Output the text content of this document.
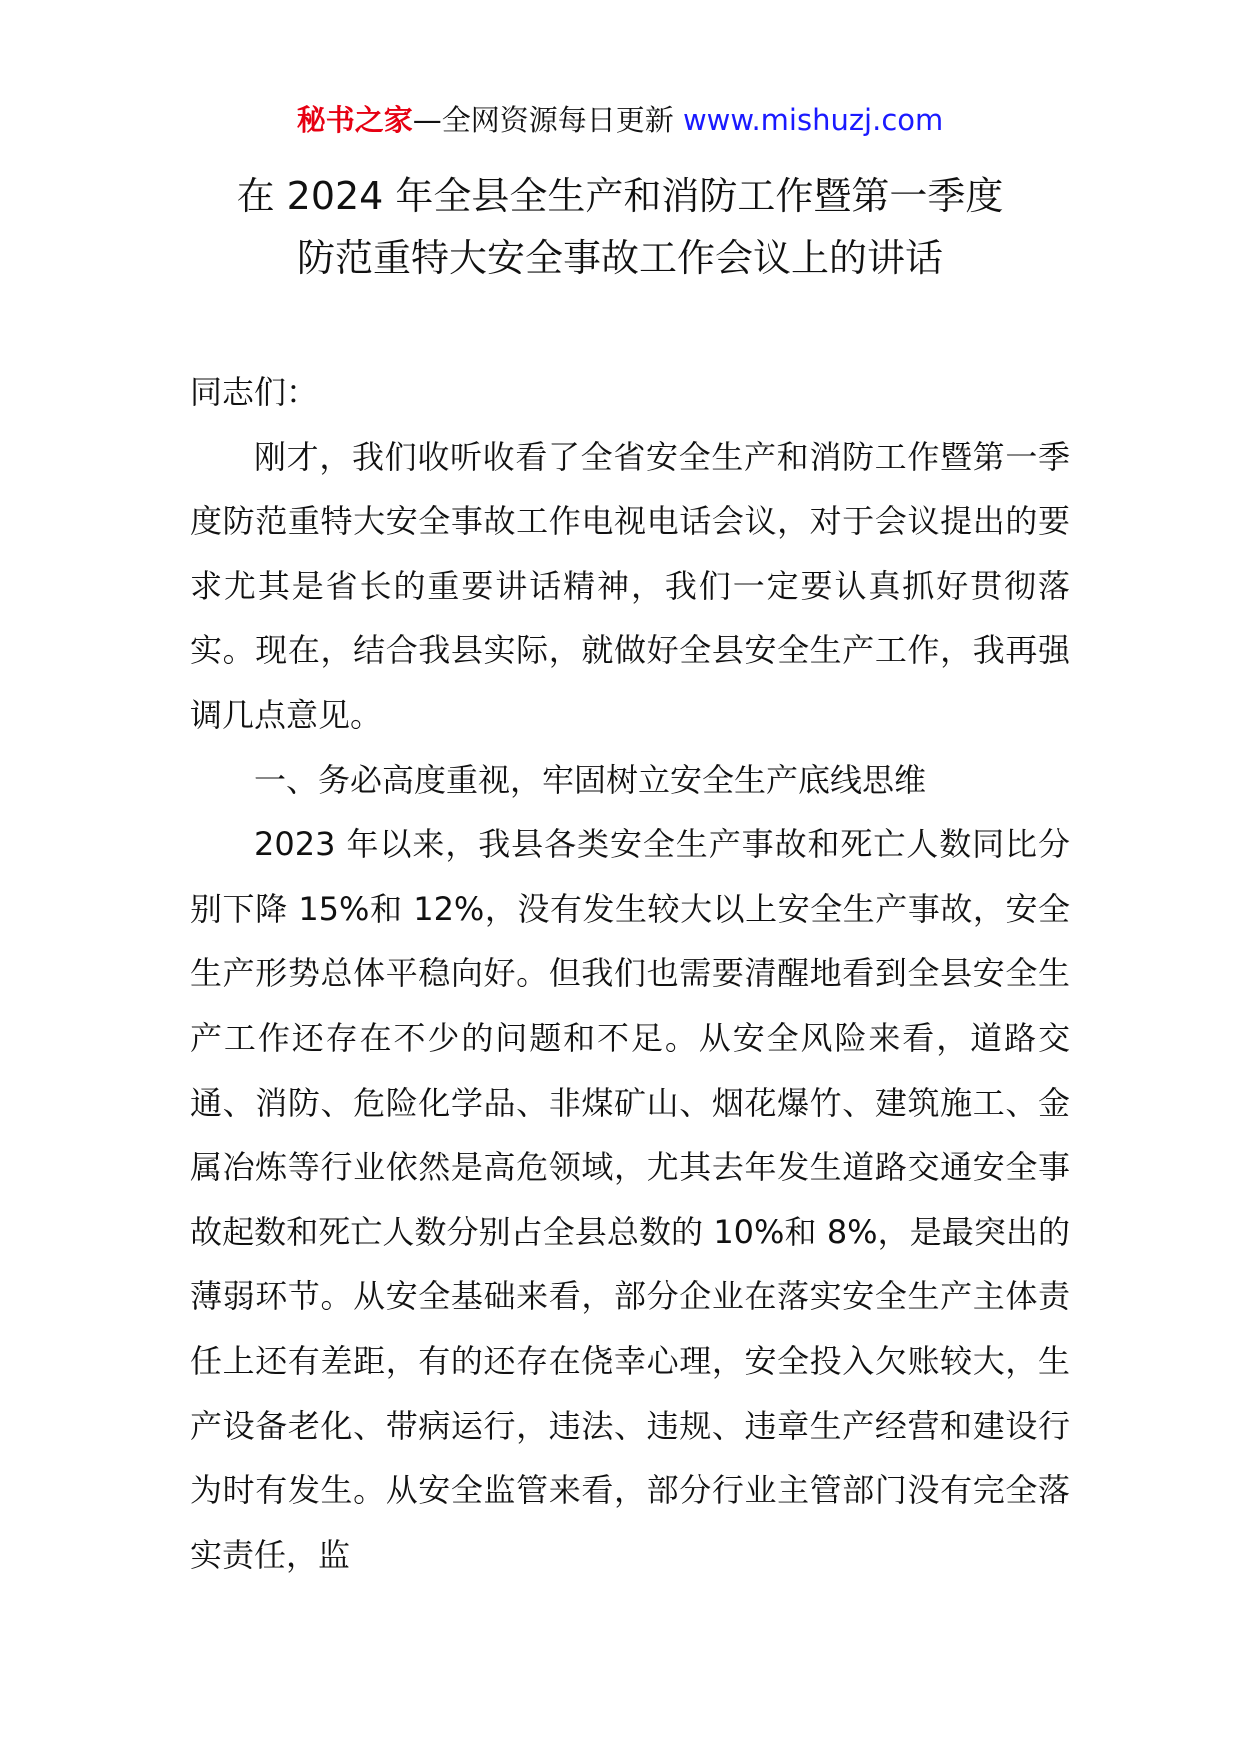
秘书之家—全网资源每日更新 www.mishuzj.com
在 2024 年全县全生产和消防工作暨第一季度
防范重特大安全事故工作会议上的讲话

同志们：

刚才，我们收听收看了全省安全生产和消防工作暨第一季度防范重特大安全事故工作电视电话会议，对于会议提出的要求尤其是省长的重要讲话精神，我们一定要认真抓好贯彻落实。现在，结合我县实际，就做好全县安全生产工作，我再强调几点意见。

一、务必高度重视，牢固树立安全生产底线思维

2023 年以来，我县各类安全生产事故和死亡人数同比分别下降 15%和 12%，没有发生较大以上安全生产事故，安全生产形势总体平稳向好。但我们也需要清醒地看到全县安全生产工作还存在不少的问题和不足。从安全风险来看，道路交通、消防、危险化学品、非煤矿山、烟花爆竹、建筑施工、金属冶炼等行业依然是高危领域，尤其去年发生道路交通安全事故起数和死亡人数分别占全县总数的 10%和 8%，是最突出的薄弱环节。从安全基础来看，部分企业在落实安全生产主体责任上还有差距，有的还存在侥幸心理，安全投入欠账较大，生产设备老化、带病运行，违法、违规、违章生产经营和建设行为时有发生。从安全监管来看，部分行业主管部门没有完全落实责任，监
